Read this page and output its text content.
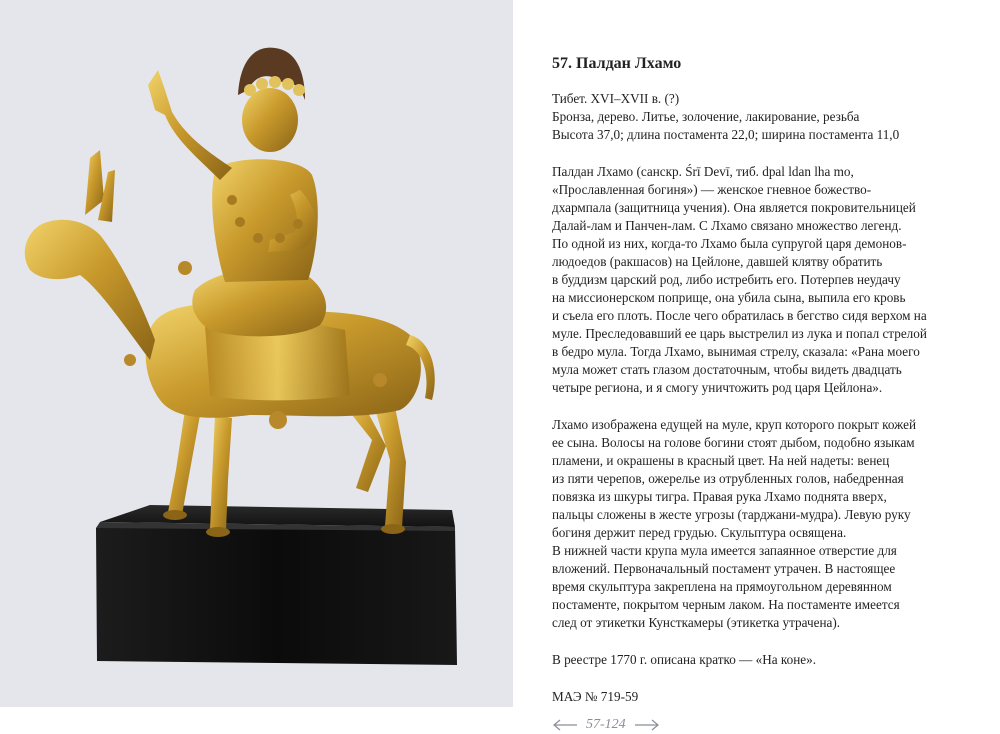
57. Палдан Лхамо

Тибет. XVI–XVII в. (?)

Бронза, дерево. Литье, золочение, лакирование, резьба

Высота 37,0; длина постамента 22,0; ширина постамента 11,0

Палдан Лхамо (санскр. Śrī Devī, тиб. dpal ldan lha mo,
«Прославленная богиня») — женское гневное божество-
дхармпала (защитница учения). Она является покровительницей
Далай-лам и Панчен-лам. С Лхамо связано множество легенд.
По одной из них, когда-то Лхамо была супругой царя демонов-
людоедов (ракшасов) на Цейлоне, давшей клятву обратить
в буддизм царский род, либо истребить его. Потерпев неудачу
на миссионерском поприще, она убила сына, выпила его кровь
и съела его плоть. После чего обратилась в бегство сидя верхом на
муле. Преследовавший ее царь выстрелил из лука и попал стрелой
в бедро мула. Тогда Лхамо, вынимая стрелу, сказала: «Рана моего
мула может стать глазом достаточным, чтобы видеть двадцать
четыре региона, и я смогу уничтожить род царя Цейлона».
Лхамо изображена едущей на муле, круп которого покрыт кожей
ее сына. Волосы на голове богини стоят дыбом, подобно языкам
пламени, и окрашены в красный цвет. На ней надеты: венец
из пяти черепов, ожерелье из отрубленных голов, набедренная
повязка из шкуры тигра. Правая рука Лхамо поднята вверх,
пальцы сложены в жесте угрозы (тарджани-мудра). Левую руку
богиня держит перед грудью. Скульптура освящена.
В нижней части крупа мула имеется запаянное отверстие для
вложений. Первоначальный постамент утрачен. В настоящее
время скульптура закреплена на прямоугольном деревянном
постаменте, покрытом черным лаком. На постаменте имеется
след от этикетки Кунсткамеры (этикетка утрачена).

В реестре 1770 г. описана кратко — «На коне».

МАЭ № 719-59

57-124
